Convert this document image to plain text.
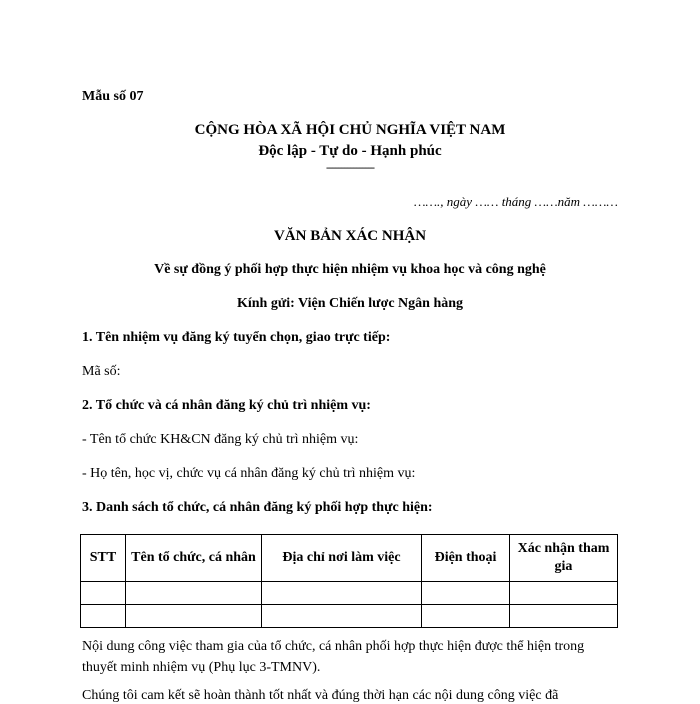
Mẫu số 07
CỘNG HÒA XÃ HỘI CHỦ NGHĨA VIỆT NAM
Độc lập - Tự do - Hạnh phúc
----------------
……., ngày …… tháng ……năm ………
VĂN BẢN XÁC NHẬN
Về sự đồng ý phối hợp thực hiện nhiệm vụ khoa học và công nghệ
Kính gửi: Viện Chiến lược Ngân hàng
1. Tên nhiệm vụ đăng ký tuyển chọn, giao trực tiếp:
Mã số:
2. Tổ chức và cá nhân đăng ký chủ trì nhiệm vụ:
- Tên tổ chức KH&CN đăng ký chủ trì nhiệm vụ:
- Họ tên, học vị, chức vụ cá nhân đăng ký chủ trì nhiệm vụ:
3. Danh sách tổ chức, cá nhân đăng ký phối hợp thực hiện:
STT	Tên tổ chức, cá nhân	Địa chỉ nơi làm việc	Điện thoại	Xác nhận tham gia

Nội dung công việc tham gia của tổ chức, cá nhân phối hợp thực hiện được thể hiện trong thuyết minh nhiệm vụ (Phụ lục 3-TMNV).
Chúng tôi cam kết sẽ hoàn thành tốt nhất và đúng thời hạn các nội dung công việc đã
